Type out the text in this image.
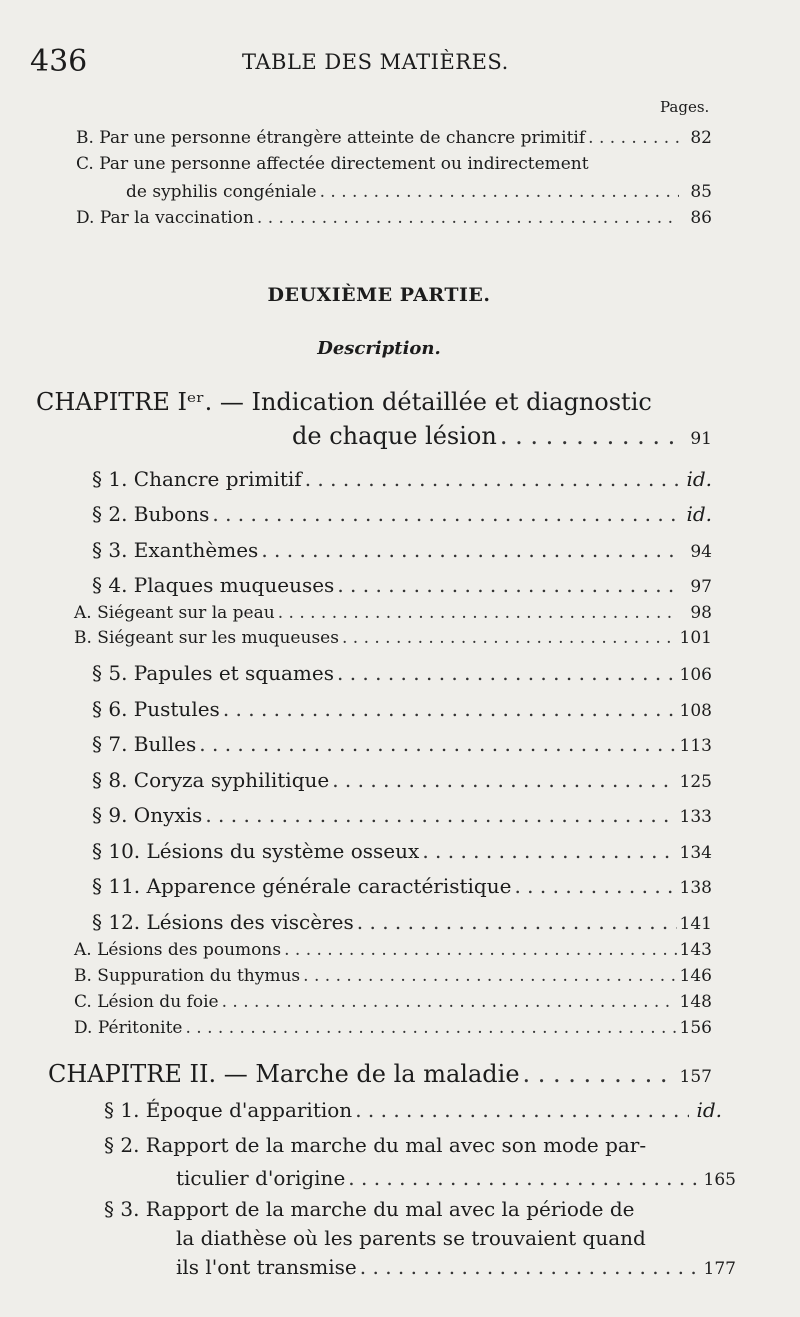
436	TABLE DES MATIÈRES.
Pages.
B. Par une personne étrangère atteinte de chancre primitif . . .	82
C. Par une personne affectée directement ou indirectement
de syphilis congéniale . . .	85
D. Par la vaccination . . .	86
DEUXIÈME PARTIE.
Description.
CHAPITRE Iᵉʳ. — Indication détaillée et diagnostic
de chaque lésion . . .	91
§ 1. Chancre primitif . . .	id.
§ 2. Bubons . . .	id.
§ 3. Exanthèmes . . .	94
§ 4. Plaques muqueuses . . .	97
A. Siégeant sur la peau . . .	98
B. Siégeant sur les muqueuses . . .	101
§ 5. Papules et squames . . .	106
§ 6. Pustules . . .	108
§ 7. Bulles . . .	113
§ 8. Coryza syphilitique . . .	125
§ 9. Onyxis . . .	133
§ 10. Lésions du système osseux . . .	134
§ 11. Apparence générale caractéristique . . .	138
§ 12. Lésions des viscères . . .	141
A. Lésions des poumons . . .	143
B. Suppuration du thymus . . .	146
C. Lésion du foie . . .	148
D. Péritonite . . .	156
CHAPITRE II. — Marche de la maladie . . .	157
§ 1. Époque d'apparition . . .	id.
§ 2. Rapport de la marche du mal avec son mode par-
ticulier d'origine . . .	165
§ 3. Rapport de la marche du mal avec la période de
la diathèse où les parents se trouvaient quand
ils l'ont transmise . . .	177
